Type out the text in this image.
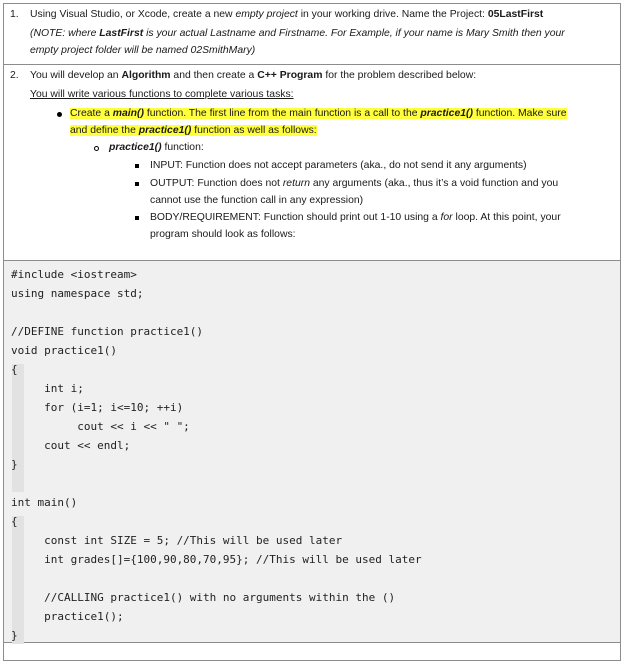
1. Using Visual Studio, or Xcode, create a new empty project in your working drive. Name the Project: 05LastFirst
(NOTE: where LastFirst is your actual Lastname and Firstname. For Example, if your name is Mary Smith then your
empty project folder will be named 02SmithMary)
2. You will develop an Algorithm and then create a C++ Program for the problem described below:
You will write various functions to complete various tasks:
Create a main() function. The first line from the main function is a call to the practice1() function. Make sure
and define the practice1() function as well as follows:
practice1() function:
INPUT: Function does not accept parameters (aka., do not send it any arguments)
OUTPUT: Function does not return any arguments (aka., thus it’s a void function and you
cannot use the function call in any expression)
BODY/REQUIREMENT: Function should print out 1-10 using a for loop. At this point, your
program should look as follows:
#include <iostream>
using namespace std;

//DEFINE function practice1()
void practice1()
{
int i;
for (i=1; i<=10; ++i)
cout << i << " ";
cout << endl;
}

int main()
{
const int SIZE = 5; //This will be used later
int grades[]={100,90,80,70,95}; //This will be used later

//CALLING practice1() with no arguments within the ()
practice1();
}
